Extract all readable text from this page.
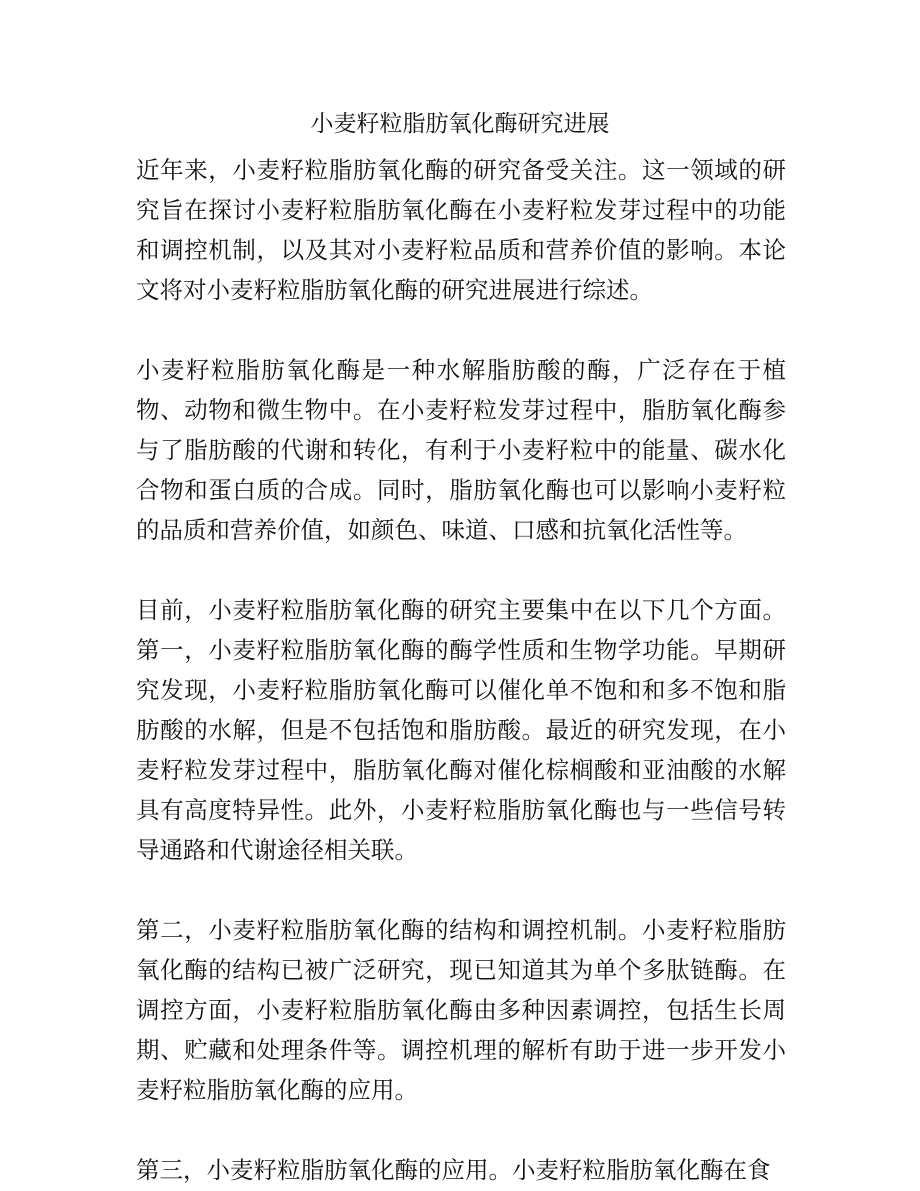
小麦籽粒脂肪氧化酶研究进展

近年来，小麦籽粒脂肪氧化酶的研究备受关注。这一领域的研究旨在探讨小麦籽粒脂肪氧化酶在小麦籽粒发芽过程中的功能和调控机制，以及其对小麦籽粒品质和营养价值的影响。本论文将对小麦籽粒脂肪氧化酶的研究进展进行综述。

小麦籽粒脂肪氧化酶是一种水解脂肪酸的酶，广泛存在于植物、动物和微生物中。在小麦籽粒发芽过程中，脂肪氧化酶参与了脂肪酸的代谢和转化，有利于小麦籽粒中的能量、碳水化合物和蛋白质的合成。同时，脂肪氧化酶也可以影响小麦籽粒的品质和营养价值，如颜色、味道、口感和抗氧化活性等。

目前，小麦籽粒脂肪氧化酶的研究主要集中在以下几个方面。第一，小麦籽粒脂肪氧化酶的酶学性质和生物学功能。早期研究发现，小麦籽粒脂肪氧化酶可以催化单不饱和和多不饱和脂肪酸的水解，但是不包括饱和脂肪酸。最近的研究发现，在小麦籽粒发芽过程中，脂肪氧化酶对催化棕榈酸和亚油酸的水解具有高度特异性。此外，小麦籽粒脂肪氧化酶也与一些信号转导通路和代谢途径相关联。

第二，小麦籽粒脂肪氧化酶的结构和调控机制。小麦籽粒脂肪氧化酶的结构已被广泛研究，现已知道其为单个多肽链酶。在调控方面，小麦籽粒脂肪氧化酶由多种因素调控，包括生长周期、贮藏和处理条件等。调控机理的解析有助于进一步开发小麦籽粒脂肪氧化酶的应用。

第三，小麦籽粒脂肪氧化酶的应用。小麦籽粒脂肪氧化酶在食
